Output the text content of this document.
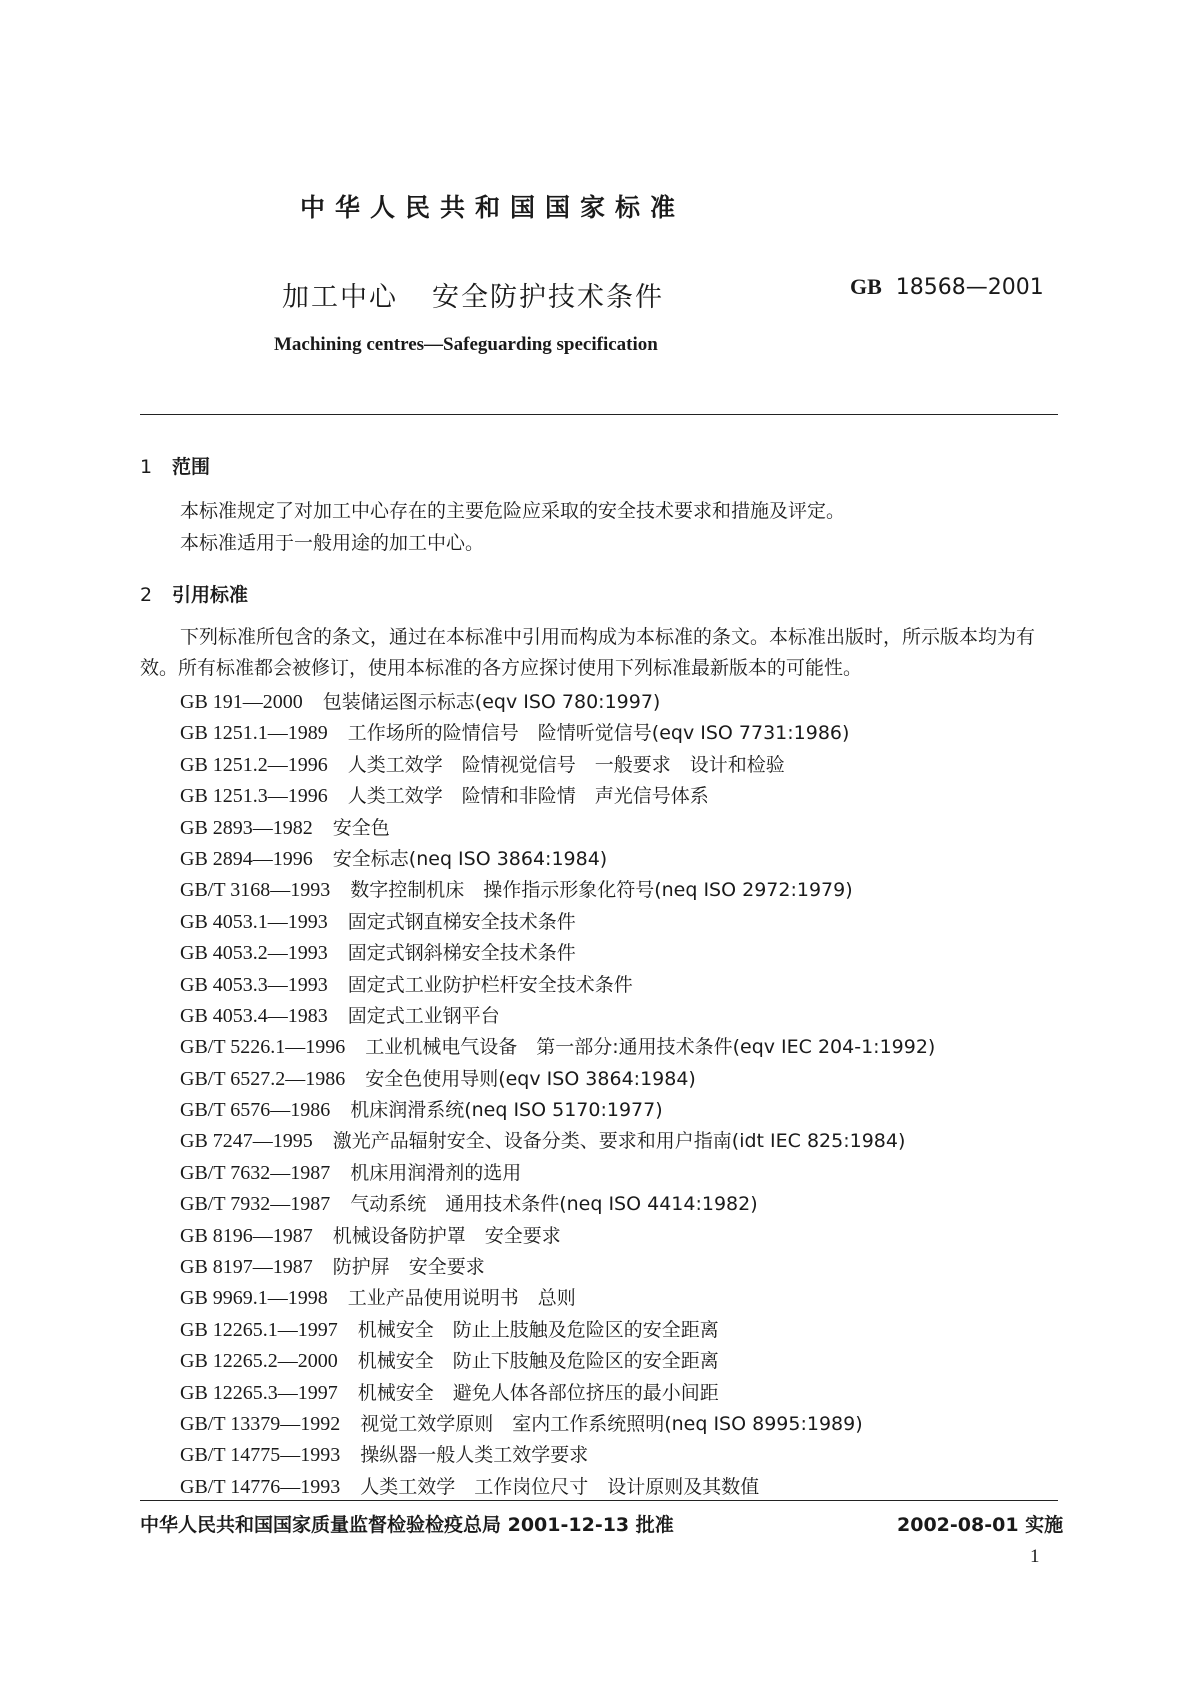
中华人民共和国国家标准
加工中心 安全防护技术条件	GB 18568—2001
Machining centres—Safeguarding specification
1 范围
本标准规定了对加工中心存在的主要危险应采取的安全技术要求和措施及评定。
本标准适用于一般用途的加工中心。
2 引用标准
下列标准所包含的条文，通过在本标准中引用而构成为本标准的条文。本标准出版时，所示版本均为有效。所有标准都会被修订，使用本标准的各方应探讨使用下列标准最新版本的可能性。
GB 191—2000 包装储运图示标志(eqv ISO 780:1997)
GB 1251.1—1989 工作场所的险情信号　险情听觉信号(eqv ISO 7731:1986)
GB 1251.2—1996 人类工效学　险情视觉信号　一般要求　设计和检验
GB 1251.3—1996 人类工效学　险情和非险情　声光信号体系
GB 2893—1982 安全色
GB 2894—1996 安全标志(neq ISO 3864:1984)
GB/T 3168—1993 数字控制机床　操作指示形象化符号(neq ISO 2972:1979)
GB 4053.1—1993 固定式钢直梯安全技术条件
GB 4053.2—1993 固定式钢斜梯安全技术条件
GB 4053.3—1993 固定式工业防护栏杆安全技术条件
GB 4053.4—1983 固定式工业钢平台
GB/T 5226.1—1996 工业机械电气设备　第一部分:通用技术条件(eqv IEC 204-1:1992)
GB/T 6527.2—1986 安全色使用导则(eqv ISO 3864:1984)
GB/T 6576—1986 机床润滑系统(neq ISO 5170:1977)
GB 7247—1995 激光产品辐射安全、设备分类、要求和用户指南(idt IEC 825:1984)
GB/T 7632—1987 机床用润滑剂的选用
GB/T 7932—1987 气动系统　通用技术条件(neq ISO 4414:1982)
GB 8196—1987 机械设备防护罩　安全要求
GB 8197—1987 防护屏　安全要求
GB 9969.1—1998 工业产品使用说明书　总则
GB 12265.1—1997 机械安全　防止上肢触及危险区的安全距离
GB 12265.2—2000 机械安全　防止下肢触及危险区的安全距离
GB 12265.3—1997 机械安全　避免人体各部位挤压的最小间距
GB/T 13379—1992 视觉工效学原则　室内工作系统照明(neq ISO 8995:1989)
GB/T 14775—1993 操纵器一般人类工效学要求
GB/T 14776—1993 人类工效学　工作岗位尺寸　设计原则及其数值
中华人民共和国国家质量监督检验检疫总局 2001-12-13 批准	2002-08-01 实施
1
